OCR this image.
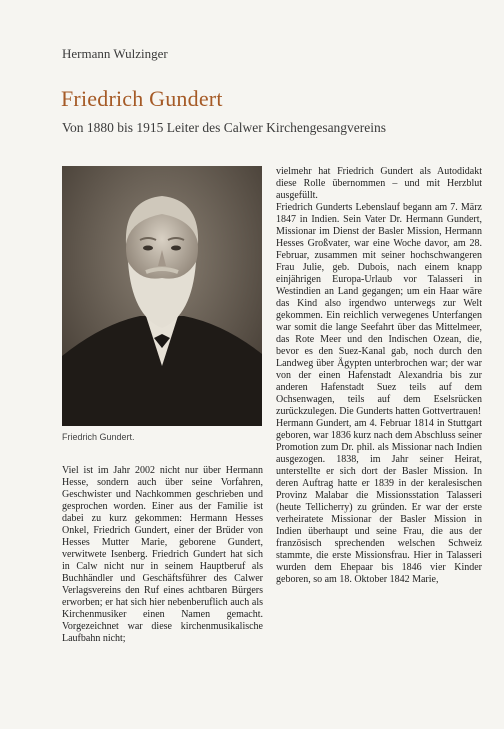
Hermann Wulzinger
Friedrich Gundert
Von 1880 bis 1915 Leiter des Calwer Kirchengesangvereins
Friedrich Gundert.

Viel ist im Jahr 2002 nicht nur über Hermann Hesse, sondern auch über seine Vorfahren, Geschwister und Nachkommen geschrieben und gesprochen worden. Einer aus der Familie ist dabei zu kurz gekommen: Hermann Hesses Onkel, Friedrich Gundert, einer der Brüder von Hesses Mutter Marie, geborene Gundert, verwitwete Isenberg. Friedrich Gundert hat sich in Calw nicht nur in seinem Hauptberuf als Buchhändler und Geschäftsführer des Calwer Verlagsvereins den Ruf eines achtbaren Bürgers erworben; er hat sich hier nebenberuflich auch als Kirchenmusiker einen Namen gemacht. Vorgezeichnet war diese kirchenmusikalische Laufbahn nicht;

vielmehr hat Friedrich Gundert als Autodidakt diese Rolle übernommen – und mit Herzblut ausgefüllt.

Friedrich Gunderts Lebenslauf begann am 7. März 1847 in Indien. Sein Vater Dr. Hermann Gundert, Missionar im Dienst der Basler Mission, Hermann Hesses Großvater, war eine Woche davor, am 28. Februar, zusammen mit seiner hochschwangeren Frau Julie, geb. Dubois, nach einem knapp einjährigen Europa-Urlaub vor Talasseri in Westindien an Land gegangen; um ein Haar wäre das Kind also irgendwo unterwegs zur Welt gekommen. Ein reichlich verwegenes Unterfangen war somit die lange Seefahrt über das Mittelmeer, das Rote Meer und den Indischen Ozean, die, bevor es den Suez-Kanal gab, noch durch den Landweg über Ägypten unterbrochen war; der war von der einen Hafenstadt Alexandria bis zur anderen Hafenstadt Suez teils auf dem Ochsenwagen, teils auf dem Eselsrücken zurückzulegen. Die Gunderts hatten Gottvertrauen!

Hermann Gundert, am 4. Februar 1814 in Stuttgart geboren, war 1836 kurz nach dem Abschluss seiner Promotion zum Dr. phil. als Missionar nach Indien ausgezogen. 1838, im Jahr seiner Heirat, unterstellte er sich dort der Basler Mission. In deren Auftrag hatte er 1839 in der keralesischen Provinz Malabar die Missionsstation Talasseri (heute Tellicherry) zu gründen. Er war der erste verheiratete Missionar der Basler Mission in Indien überhaupt und seine Frau, die aus der französisch sprechenden welschen Schweiz stammte, die erste Missionsfrau. Hier in Talasseri wurden dem Ehepaar bis 1846 vier Kinder geboren, so am 18. Oktober 1842 Marie,
